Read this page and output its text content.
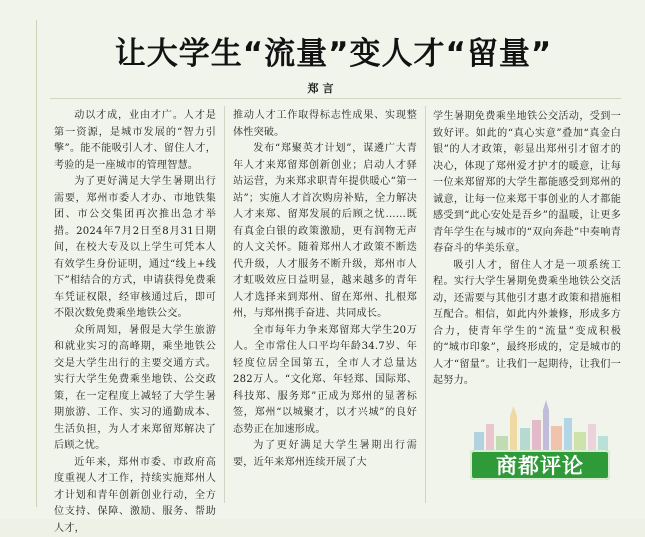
让大学生“流量”变人才“留量”
郑言

动以才成，业由才广。人才是第一资源，是城市发展的“智力引擎”。能不能吸引人才、留住人才，考验的是一座城市的管理智慧。

为了更好满足大学生暑期出行需要，郑州市委人才办、市地铁集团、市公交集团再次推出急才举措。2024年7月2日至8月31日期间，在校大专及以上学生可凭本人有效学生身份证明，通过“线上+线下”相结合的方式，申请获得免费乘车凭证权限，经审核通过后，即可不限次数免费乘坐地铁公交。

众所周知，暑假是大学生旅游和就业实习的高峰期，乘坐地铁公交是大学生出行的主要交通方式。实行大学生免费乘坐地铁、公交政策，在一定程度上减轻了大学生暑期旅游、工作、实习的通勤成本、生活负担，为人才来郑留郑解决了后顾之忧。

近年来，郑州市委、市政府高度重视人才工作，持续实施郑州人才计划和青年创新创业行动，全方位支持、保障、激励、服务、帮助人才，

推动人才工作取得标志性成果、实现整体性突破。

发布“郑聚英才计划”，谋遴广大青年人才来郑留郑创新创业；启动人才驿站运营，为来郑求职青年提供暖心“第一站”；实施人才首次购房补贴，全力解决人才来郑、留郑发展的后顾之忧……既有真金白银的政策激励，更有润物无声的人文关怀。随着郑州人才政策不断迭代升级，人才服务不断升级，郑州市人才虹吸效应日益明显，越来越多的青年人才选择来到郑州、留在郑州、扎根郑州，与郑州携手奋进、共同成长。

全市每年力争来郑留郑大学生20万人。全市常住人口平均年龄34.7岁、年轻度位居全国第五，全市人才总量达282万人。“文化郑、年轻郑、国际郑、科技郑、服务郑”正成为郑州的显著标签，郑州“以城聚才，以才兴城”的良好态势正在加速形成。

为了更好满足大学生暑期出行需要，近年来郑州连续开展了大

学生暑期免费乘坐地铁公交活动，受到一致好评。如此的“真心实意”叠加“真金白银”的人才政策，彰显出郑州引才留才的决心，体现了郑州爱才护才的暖意，让每一位来郑留郑的大学生都能感受到郑州的诚意，让每一位来郑干事创业的人才都能感受到“此心安处是吾乡”的温暖，让更多青年学生在与城市的“双向奔赴”中奏响青春奋斗的华美乐章。

吸引人才，留住人才是一项系统工程。实行大学生暑期免费乘坐地铁公交活动，还需要与其他引才惠才政策和措施相互配合。相信，如此内外兼修，形成多方合力，使青年学生的“流量”变成积极的“城市印象”，最终形成的，定是城市的人才“留量”。让我们一起期待，让我们一起努力。

商都评论
